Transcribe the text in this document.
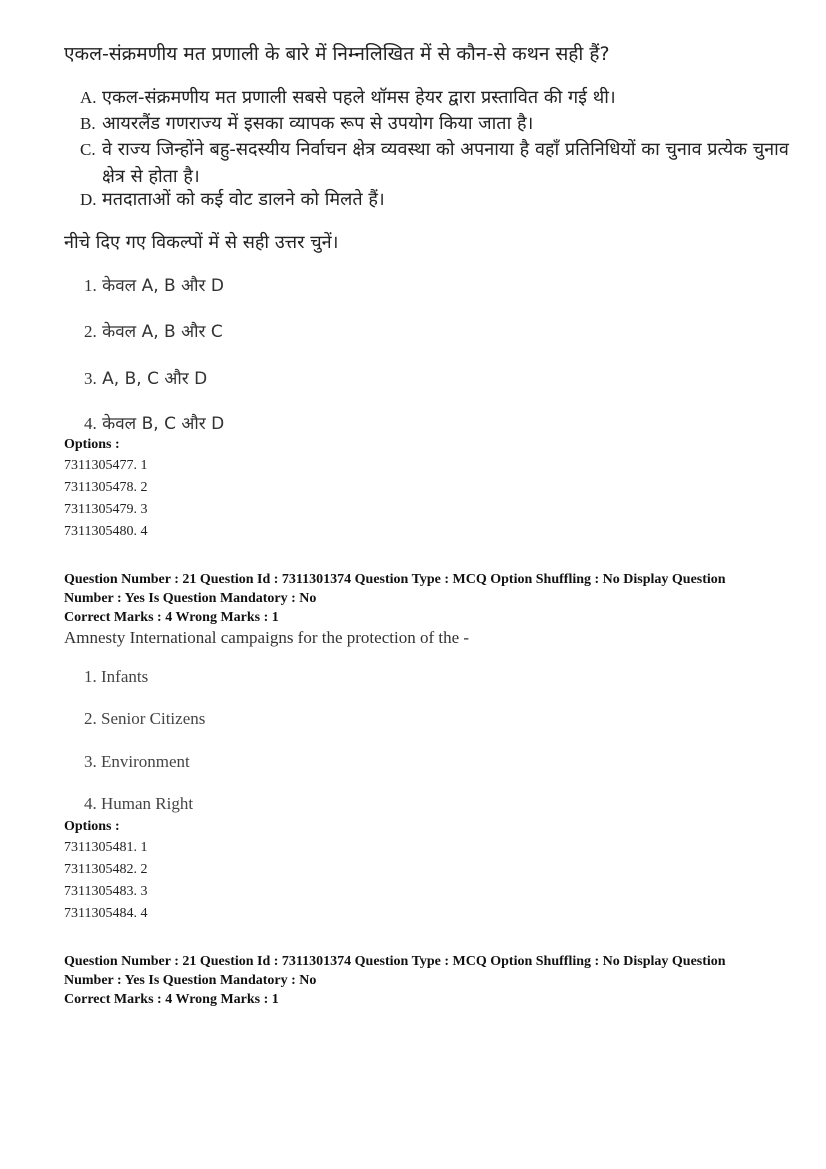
एकल-संक्रमणीय मत प्रणाली के बारे में निम्नलिखित में से कौन-से कथन सही हैं?
A. एकल-संक्रमणीय मत प्रणाली सबसे पहले थॉमस हेयर द्वारा प्रस्तावित की गई थी।
B. आयरलैंड गणराज्य में इसका व्यापक रूप से उपयोग किया जाता है।
C. वे राज्य जिन्होंने बहु-सदस्यीय निर्वाचन क्षेत्र व्यवस्था को अपनाया है वहाँ प्रतिनिधियों का चुनाव प्रत्येक चुनाव क्षेत्र से होता है।
D. मतदाताओं को कई वोट डालने को मिलते हैं।
नीचे दिए गए विकल्पों में से सही उत्तर चुनें।
1. केवल A, B और D
2. केवल A, B और C
3. A, B, C और D
4. केवल B, C और D
Options :
7311305477. 1
7311305478. 2
7311305479. 3
7311305480. 4
Question Number : 21 Question Id : 7311301374 Question Type : MCQ Option Shuffling : No Display Question
Number : Yes Is Question Mandatory : No
Correct Marks : 4 Wrong Marks : 1
Amnesty International campaigns for the protection of the -
1. Infants
2. Senior Citizens
3. Environment
4. Human Right
Options :
7311305481. 1
7311305482. 2
7311305483. 3
7311305484. 4
Question Number : 21 Question Id : 7311301374 Question Type : MCQ Option Shuffling : No Display Question
Number : Yes Is Question Mandatory : No
Correct Marks : 4 Wrong Marks : 1
